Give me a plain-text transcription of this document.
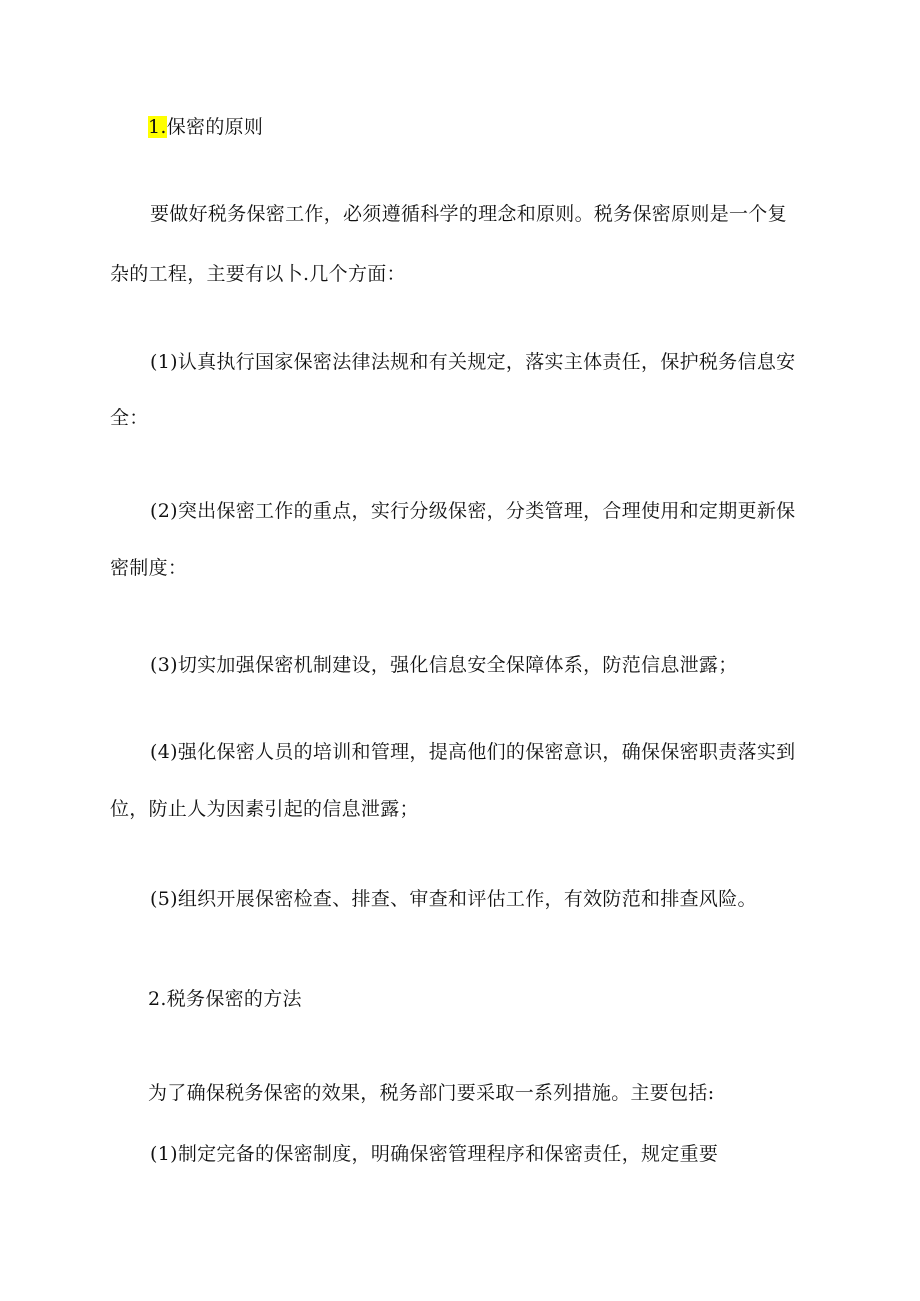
1.保密的原则

要做好税务保密工作，必须遵循科学的理念和原则。税务保密原则是一个复

杂的工程，主要有以卜.几个方面：

(1)认真执行国家保密法律法规和有关规定，落实主体责任，保护税务信息安

全：

(2)突出保密工作的重点，实行分级保密，分类管理，合理使用和定期更新保

密制度：

(3)切实加强保密机制建设，强化信息安全保障体系，防范信息泄露；

(4)强化保密人员的培训和管理，提高他们的保密意识，确保保密职责落实到

位，防止人为因素引起的信息泄露；

(5)组织开展保密检查、排查、审查和评估工作，有效防范和排查风险。

2.税务保密的方法

为了确保税务保密的效果，税务部门要采取一系列措施。主要包括:

(1)制定完备的保密制度，明确保密管理程序和保密责任，规定重要
